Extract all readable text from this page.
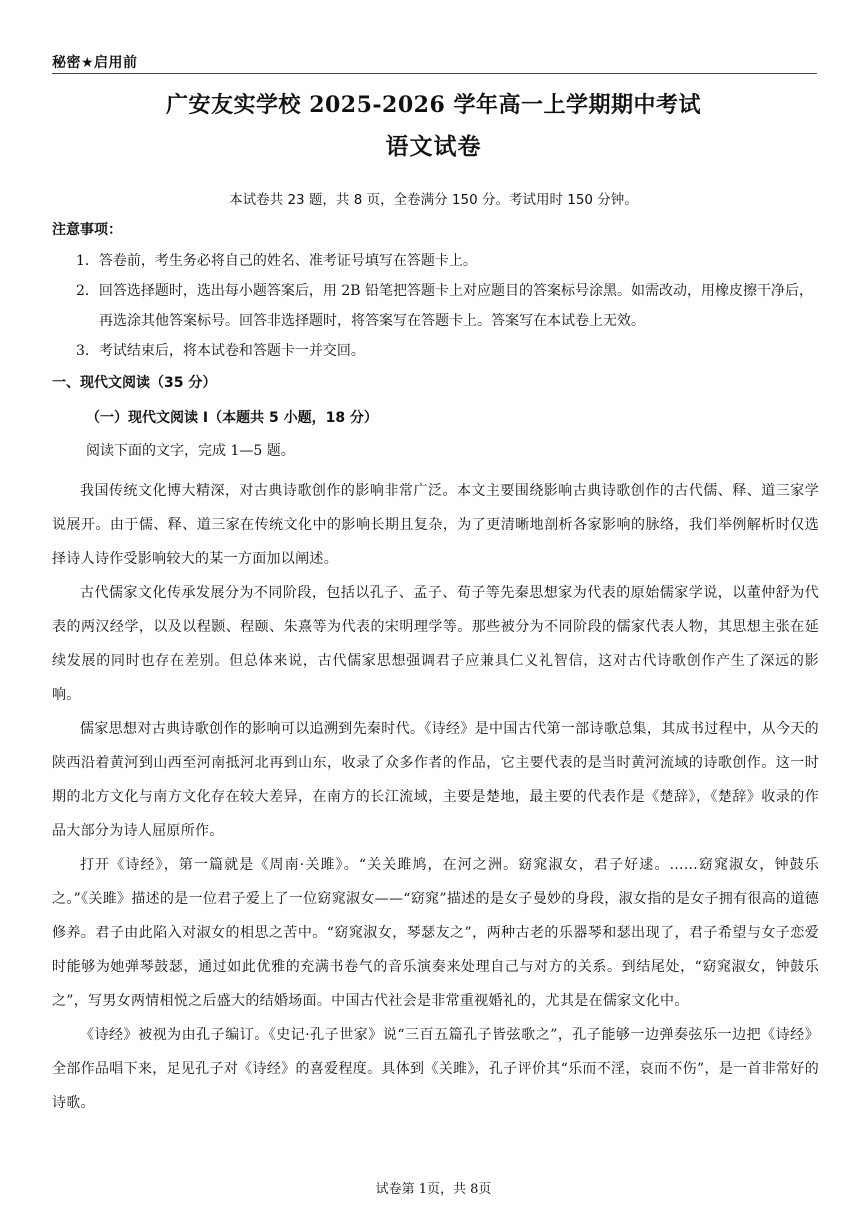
秘密★启用前
广安友实学校 2025-2026 学年高一上学期期中考试
语文试卷
本试卷共 23 题，共 8 页，全卷满分 150 分。考试用时 150 分钟。
注意事项：
1．答卷前，考生务必将自己的姓名、准考证号填写在答题卡上。
2．回答选择题时，选出每小题答案后，用 2B 铅笔把答题卡上对应题目的答案标号涂黑。如需改动，用橡皮擦干净后，再选涂其他答案标号。回答非选择题时，将答案写在答题卡上。答案写在本试卷上无效。
3．考试结束后，将本试卷和答题卡一并交回。
一、现代文阅读（35 分）
（一）现代文阅读 I（本题共 5 小题，18 分）
阅读下面的文字，完成 1—5 题。

我国传统文化博大精深，对古典诗歌创作的影响非常广泛。本文主要围绕影响古典诗歌创作的古代儒、释、道三家学说展开。由于儒、释、道三家在传统文化中的影响长期且复杂，为了更清晰地剖析各家影响的脉络，我们举例解析时仅选择诗人诗作受影响较大的某一方面加以阐述。

古代儒家文化传承发展分为不同阶段，包括以孔子、孟子、荀子等先秦思想家为代表的原始儒家学说，以董仲舒为代表的两汉经学，以及以程颢、程颐、朱熹等为代表的宋明理学等。那些被分为不同阶段的儒家代表人物，其思想主张在延续发展的同时也存在差别。但总体来说，古代儒家思想强调君子应兼具仁义礼智信，这对古代诗歌创作产生了深远的影响。

儒家思想对古典诗歌创作的影响可以追溯到先秦时代。《诗经》是中国古代第一部诗歌总集，其成书过程中，从今天的陕西沿着黄河到山西至河南抵河北再到山东，收录了众多作者的作品，它主要代表的是当时黄河流域的诗歌创作。这一时期的北方文化与南方文化存在较大差异，在南方的长江流域，主要是楚地，最主要的代表作是《楚辞》，《楚辞》收录的作品大部分为诗人屈原所作。

打开《诗经》，第一篇就是《周南·关雎》。“关关雎鸠，在河之洲。窈窕淑女，君子好逑。……窈窕淑女，钟鼓乐之。”《关雎》描述的是一位君子爱上了一位窈窕淑女——“窈窕”描述的是女子曼妙的身段，淑女指的是女子拥有很高的道德修养。君子由此陷入对淑女的相思之苦中。“窈窕淑女，琴瑟友之”，两种古老的乐器琴和瑟出现了，君子希望与女子恋爱时能够为她弹琴鼓瑟，通过如此优雅的充满书卷气的音乐演奏来处理自己与对方的关系。到结尾处，“窈窕淑女，钟鼓乐之”，写男女两情相悦之后盛大的结婚场面。中国古代社会是非常重视婚礼的，尤其是在儒家文化中。

《诗经》被视为由孔子编订。《史记·孔子世家》说“三百五篇孔子皆弦歌之”，孔子能够一边弹奏弦乐一边把《诗经》全部作品唱下来，足见孔子对《诗经》的喜爱程度。具体到《关雎》，孔子评价其“乐而不淫，哀而不伤”，是一首非常好的诗歌。

试卷第 1页，共 8页
